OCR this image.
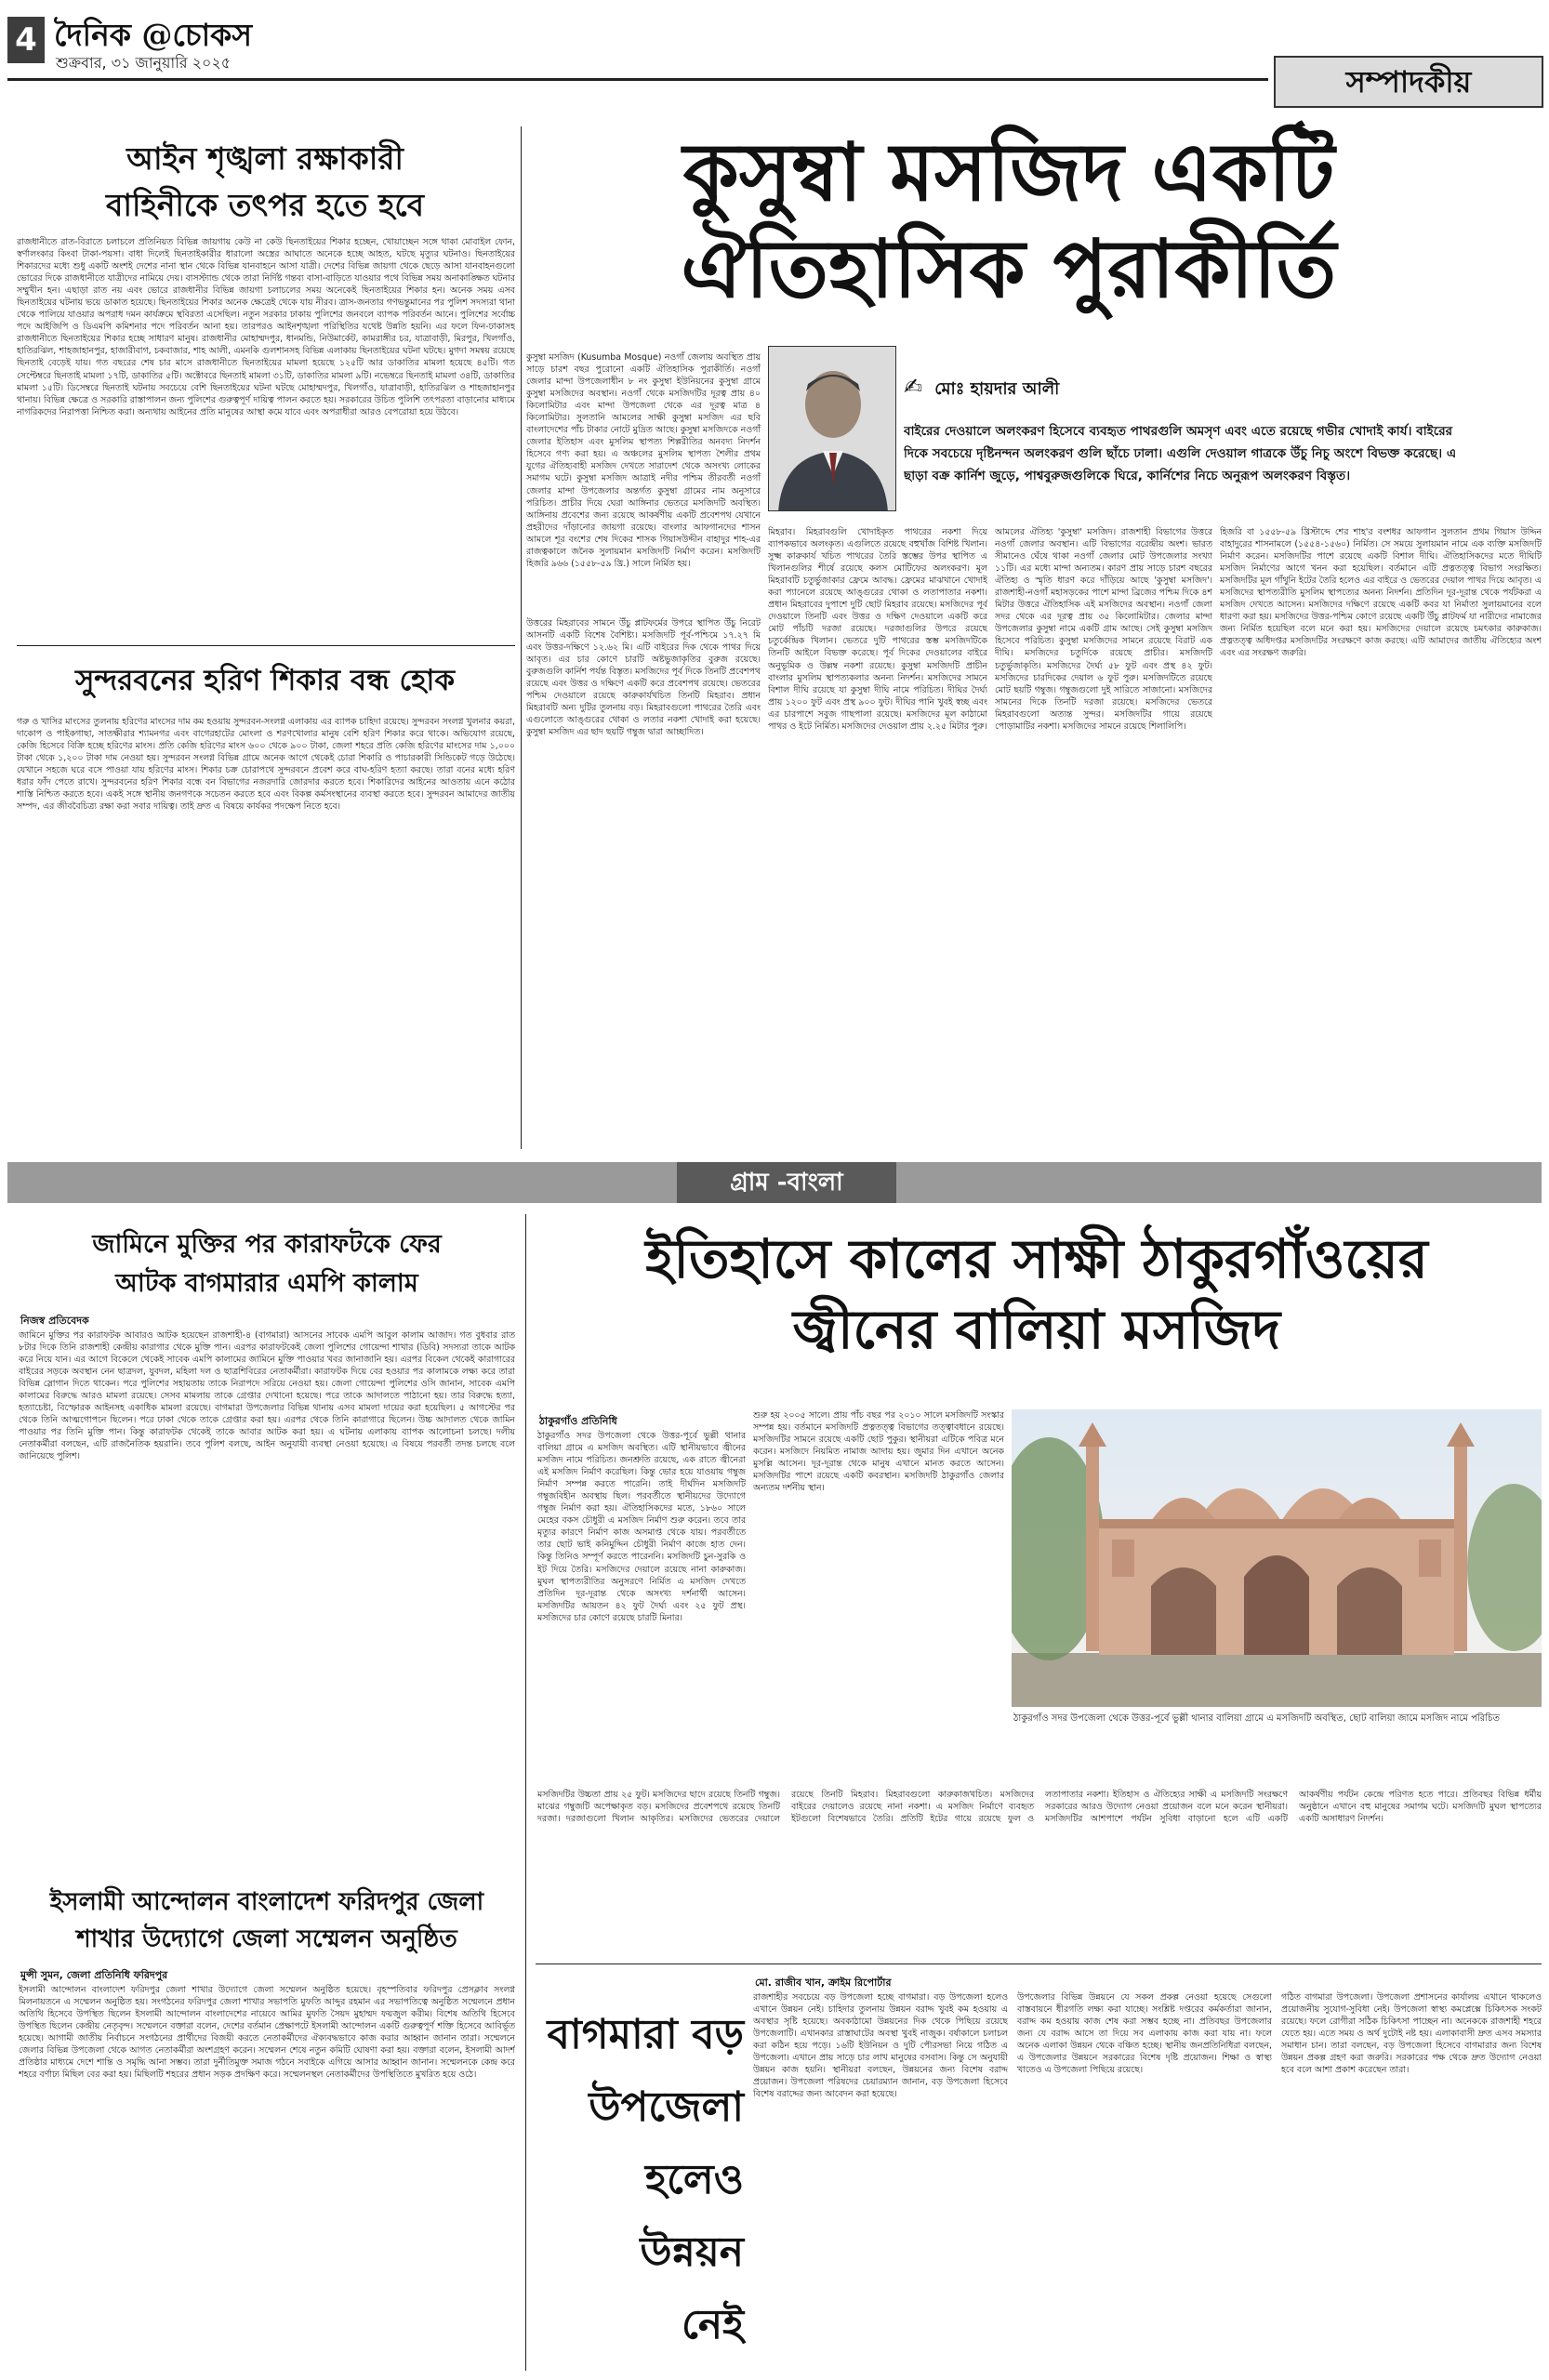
4 দৈনিক @চোকস
শুক্রবার, ৩১ জানুয়ারি ২০২৫
সম্পাদকীয়
আইন শৃঙ্খলা রক্ষাকারী
বাহিনীকে তৎপর হতে হবে
রাজধানীতে রাত-বিরাতে চলাচলে প্রতিনিয়ত বিভিন্ন জায়গায় কেউ না কেউ ছিনতাইয়ের শিকার হচ্ছেন, খোয়াচ্ছেন সঙ্গে থাকা মোবাইল ফোন, স্বর্ণালংকার কিংবা টাকা-পয়সা। বাধা দিলেই ছিনতাইকারীর ধারালো অস্ত্রের আঘাতে অনেকে হচ্ছে আহত, ঘটছে মৃত্যুর ঘটনাও। ছিনতাইয়ের শিকারদের মধ্যে শুধু একটি অংশই দেশের নানা স্থান থেকে বিভিন্ন যানবাহনে আসা যাত্রী। দেশের বিভিন্ন জায়গা থেকে ছেড়ে আসা যানবাহনগুলো ভোরের দিকে রাজধানীতে যাত্রীদের নামিয়ে দেয়। বাসস্ট্যান্ড থেকে তারা নির্দিষ্ট গন্তব্য বাসা-বাড়িতে যাওয়ার পথে বিভিন্ন সময় অনাকাঙ্ক্ষিত ঘটনার সম্মুখীন হন। এছাড়া রাত নয় এবং ভোরে রাজধানীর বিভিন্ন জায়গা চলাচলের সময় অনেকেই ছিনতাইয়ের শিকার হন। অনেক সময় এসব ছিনতাইয়ের ঘটনায় ভয়ে ডাকাত হয়েছে। ছিনতাইয়ের শিকার অনেক ক্ষেত্রেই থেকে যায় নীরব। ত্রাস-জনতার গণভন্তুমানের পর পুলিশ সদস্যরা থানা থেকে পালিয়ে যাওয়ার অপরাধ দমন কার্যক্রমে স্থবিরতা এসেছিল। নতুন সরকার ঢাকায় পুলিশের জনবলে ব্যাপক পরিবর্তন আনে। পুলিশের সর্বোচ্চ পদে আইজিপি ও ডিএমপি কমিশনার পদে পরিবর্তন আনা হয়। তারপরও আইনশৃঙ্খলা পরিস্থিতির যথেষ্ট উন্নতি হয়নি। এর ফলে ফিন-ঢাকাসহ রাজধানীতে ছিনতাইয়ের শিকার হচ্ছে সাধারণ মানুষ। রাজধানীর মোহাম্মদপুর, ধানমন্ডি, নিউমার্কেট, কামরাঙ্গীর চর, যাত্রাবাড়ী, মিরপুর, খিলগাঁও, হাতিরঝিল, শাহজাহানপুর, হাজারীবাগ, চকবাজার, শাহ আলী, এমনকি গুলশানসহ বিভিন্ন এলাকায় ছিনতাইয়ের ঘটনা ঘটছে। মুগদা সমন্বয় রয়েছে ছিনতাই বেড়েই যায়। গত বছরের শেষ চার মাসে রাজধানীতে ছিনতাইয়ের মামলা হয়েছে ১২৫টি আর ডাকাতির মামলা হয়েছে ৪৫টি। গত সেপ্টেম্বরে ছিনতাই মামলা ১৭টি, ডাকাতির ৫টি। অক্টোবরে ছিনতাই মামলা ৩১টি, ডাকাতির মামলা ৯টি। নভেম্বরে ছিনতাই মামলা ৩৪টি, ডাকাতির মামলা ১৫টি। ডিসেম্বরে ছিনতাই ঘটনায় সবচেয়ে বেশি ছিনতাইয়ের ঘটনা ঘটছে মোহাম্মদপুর, খিলগাঁও, যাত্রাবাড়ী, হাতিরঝিল ও শাহজাহানপুর থানায়। বিভিন্ন ক্ষেত্রে ও সরকারি রাস্তাপালন জন্য পুলিশের গুরুত্বপূর্ণ দায়িত্ব পালন করতে হয়। সরকারের উচিত পুলিশি তৎপরতা বাড়ানোর মাধ্যমে নাগরিকদের নিরাপত্তা নিশ্চিত করা। অন্যথায় আইনের প্রতি মানুষের আস্থা কমে যাবে এবং অপরাধীরা আরও বেপরোয়া হয়ে উঠবে।
সুন্দরবনের হরিণ শিকার বন্ধ হোক
গরু ও খাসির মাংসের তুলনায় হরিণের মাংসের দাম কম হওয়ায় সুন্দরবন-সংলগ্ন এলাকায় এর ব্যাপক চাহিদা রয়েছে। সুন্দরবন সংলগ্ন খুলনার কয়রা, দাকোপ ও পাইকগাছা, সাতক্ষীরার শ্যামনগর এবং বাগেরহাটের মোংলা ও শরণখোলার মানুষ বেশি হরিণ শিকার করে থাকে। অভিযোগ রয়েছে, কেজি হিসেবে বিক্রি হচ্ছে হরিণের মাংস। প্রতি কেজি হরিণের মাংস ৬০০ থেকে ৯০০ টাকা, জেলা শহরে প্রতি কেজি হরিণের মাংসের দাম ১,০০০ টাকা থেকে ১,২০০ টাকা দাম নেওয়া হয়। সুন্দরবন সংলগ্ন বিভিন্ন গ্রামে অনেক আগে থেকেই চোরা শিকারি ও পাচারকারী সিন্ডিকেট গড়ে উঠেছে। যেখানে সহজে ঘরে বসে পাওয়া যায় হরিণের মাংস। শিকার চক্র চোরাপথে সুন্দরবনে প্রবেশ করে বাঘ-হরিণ হত্যা করছে। তারা বনের মধ্যে হরিণ ধরার ফাঁদ পেতে রাখে। সুন্দরবনের হরিণ শিকার বন্ধে বন বিভাগের নজরদারি জোরদার করতে হবে। শিকারিদের আইনের আওতায় এনে কঠোর শাস্তি নিশ্চিত করতে হবে। একই সঙ্গে স্থানীয় জনগণকে সচেতন করতে হবে এবং বিকল্প কর্মসংস্থানের ব্যবস্থা করতে হবে। সুন্দরবন আমাদের জাতীয় সম্পদ, এর জীববৈচিত্র্য রক্ষা করা সবার দায়িত্ব। তাই দ্রুত এ বিষয়ে কার্যকর পদক্ষেপ নিতে হবে।
কুসুম্বা মসজিদ একটি
ঐতিহাসিক পুরাকীর্তি
কুসুম্বা মসজিদ (Kusumba Mosque) নওগাঁ জেলায় অবস্থিত প্রায় সাড়ে চারশ বছর পুরোনো একটি ঐতিহাসিক পুরাকীর্তি। নওগাঁ জেলার মান্দা উপজেলাধীন ৮ নং কুসুম্বা ইউনিয়নের কুসুম্বা গ্রামে কুসুম্বা মসজিদের অবস্থান। নওগাঁ থেকে মসজিদটির দূরত্ব প্রায় ৪০ কিলোমিটার এবং মান্দা উপজেলা থেকে এর দূরত্ব মাত্র ৪ কিলোমিটার। সুলতানি আমলের সাক্ষী কুসুম্বা মসজিদ এর ছবি বাংলাদেশের পাঁচ টাকার নোটে মুদ্রিত আছে। কুসুম্বা মসজিদকে নওগাঁ জেলার ইতিহাস এবং মুসলিম স্থাপত্য শিল্পরীতির অনবদ্য নিদর্শন হিসেবে গণ্য করা হয়। এ অঞ্চলের মুসলিম স্থাপত্য শৈলীর প্রথম যুগের ঐতিহ্যবাহী মসজিদ দেখতে সারাদেশ থেকে অসংখ্য লোকের সমাগম ঘটে। কুসুম্বা মসজিদ আত্রাই নদীর পশ্চিম তীরবর্তী নওগাঁ জেলার মান্দা উপজেলার অন্তর্গত কুসুম্বা গ্রামের নাম অনুসারে পরিচিত। প্রাচীর দিয়ে ঘেরা আঙ্গিনার ভেতরে মসজিদটি অবস্থিত। আঙ্গিনায় প্রবেশের জন্য রয়েছে আকর্ষণীয় একটি প্রবেশপথ যেখানে প্রহরীদের দাঁড়ানোর জায়গা রয়েছে। বাংলার আফগানদের শাসন আমলে শূর বংশের শেষ দিকের শাসক গিয়াসউদ্দীন বাহাদুর শাহ-এর রাজত্বকালে জনৈক সুলায়মান মসজিদটি নির্মাণ করেন। মসজিদটি হিজরি ৯৬৬ (১৫৫৮-৫৯ খ্রি.) সালে নির্মিত হয়।
✍ মোঃ হায়দার আলী
বাইরের দেওয়ালে অলংকরণ হিসেবে ব্যবহৃত পাথরগুলি অমসৃণ এবং এতে রয়েছে গভীর খোদাই কার্য। বাইরের দিকে সবচেয়ে দৃষ্টিনন্দন অলংকরণ গুলি ছাঁচে ঢালা। এগুলি দেওয়াল গাত্রকে উঁচু নিচু অংশে বিভক্ত করেছে। এ ছাড়া বক্র কার্নিশ জুড়ে, পাশ্ববুরুজগুলিকে ঘিরে, কার্নিশের নিচে অনুরূপ অলংকরণ বিস্তৃত।
উত্তরের মিহরাবের সামনে উঁচু প্লাটফর্মের উপরে স্থাপিত উঁচু নিরেট আসনটি একটি বিশেষ বৈশিষ্ট্য। মসজিদটি পূর্ব-পশ্চিমে ১৭.২৭ মি এবং উত্তর-দক্ষিণে ১২.৬২ মি। এটি বাইরের দিক থেকে পাথর দিয়ে আবৃত। এর চার কোণে চারটি অষ্টভুজাকৃতির বুরুজ রয়েছে। বুরুজগুলি কার্নিশ পর্যন্ত বিস্তৃত। মসজিদের পূর্ব দিকে তিনটি প্রবেশপথ রয়েছে এবং উত্তর ও দক্ষিণে একটি করে প্রবেশপথ রয়েছে। ভেতরের পশ্চিম দেওয়ালে রয়েছে কারুকার্যখচিত তিনটি মিহরাব। প্রধান মিহরাবটি অন্য দুটির তুলনায় বড়। মিহরাবগুলো পাথরের তৈরি এবং এগুলোতে আঙ্গুরের থোকা ও লতার নকশা খোদাই করা হয়েছে। কুসুম্বা মসজিদ এর ছাদ ছয়টি গম্বুজ দ্বারা আচ্ছাদিত।
মিহরাব। মিহরাবগুলি খোদাইকৃত পাথরের নকশা দিয়ে ব্যাপকভাবে অলংকৃত। এগুলিতে রয়েছে বহুখাঁজ বিশিষ্ট খিলান। সুক্ষ্ম কারুকার্য খচিত পাথরের তৈরি স্তম্ভের উপর স্থাপিত এ খিলানগুলির শীর্ষে রয়েছে কলস মোটিফের অলংকরণ। মূল মিহরাবটি চতুর্ভুজাকার ফ্রেমে আবদ্ধ। ফ্রেমের মাঝখানে খোদাই করা প্যানেলে রয়েছে আঙ্গুরের থোকা ও লতাপাতার নকশা। প্রধান মিহরাবের দুপাশে দুটি ছোট মিহরাব রয়েছে। মসজিদের পূর্ব দেওয়ালে তিনটি এবং উত্তর ও দক্ষিণ দেওয়ালে একটি করে মোট পাঁচটি দরজা রয়েছে। দরজাগুলির উপরে রয়েছে চতুর্কেন্দ্রিক খিলান। ভেতরে দুটি পাথরের স্তম্ভ মসজিদটিকে তিনটি আইলে বিভক্ত করেছে। পূর্ব দিকের দেওয়ালের বাইরে অনুভূমিক ও উল্লম্ব নকশা রয়েছে। কুসুম্বা মসজিদটি প্রাচীন বাংলার মুসলিম স্থাপত্যকলার অনন্য নিদর্শন। মসজিদের সামনে বিশাল দীঘি রয়েছে যা কুসুম্বা দীঘি নামে পরিচিত। দীঘির দৈর্ঘ্য প্রায় ১২০০ ফুট এবং প্রস্থ ৯০০ ফুট। দীঘির পানি খুবই স্বচ্ছ এবং এর চারপাশে সবুজ গাছপালা রয়েছে। মসজিদের মূল কাঠামো পাথর ও ইটে নির্মিত। মসজিদের দেওয়াল প্রায় ২.২৫ মিটার পুরু।
আমলের ঐতিহ্য 'কুসুম্বা' মসজিদ। রাজশাহী বিভাগের উত্তরে নওগাঁ জেলার অবস্থান। এটি বিভাগের বরেন্দ্রীয় অংশ। ভারত সীমানেও ঘেঁষে থাকা নওগাঁ জেলার মোট উপজেলার সংখ্যা ১১টি। এর মধ্যে মান্দা অন্যতম। কারণ প্রায় সাড়ে চারশ বছরের ঐতিহ্য ও স্মৃতি ধারণ করে দাঁড়িয়ে আছে 'কুসুম্বা মসজিদ'। রাজশাহী-নওগাঁ মহাসড়কের পাশে মান্দা ব্রিজের পশ্চিম দিকে ৪শ মিটার উত্তরে ঐতিহাসিক এই মসজিদের অবস্থান। নওগাঁ জেলা সদর থেকে এর দূরত্ব প্রায় ৩৫ কিলোমিটার। জেলার মান্দা উপজেলার কুসুম্বা নামে একটি গ্রাম আছে। সেই কুসুম্বা মসজিদ হিসেবে পরিচিত। কুসুম্বা মসজিদের সামনে রয়েছে বিরাট এক দীঘি। মসজিদের চতুর্দিকে রয়েছে প্রাচীর। মসজিদটি চতুর্ভুজাকৃতি। মসজিদের দৈর্ঘ্য ৫৮ ফুট এবং প্রস্থ ৪২ ফুট। মসজিদের চারদিকের দেয়াল ৬ ফুট পুরু। মসজিদটিতে রয়েছে মোট ছয়টি গম্বুজ। গম্বুজগুলো দুই সারিতে সাজানো। মসজিদের সামনের দিকে তিনটি দরজা রয়েছে। মসজিদের ভেতরে মিহরাবগুলো অত্যন্ত সুন্দর। মসজিদটির গায়ে রয়েছে পোড়ামাটির নকশা। মসজিদের সামনে রয়েছে শিলালিপি।
হিজরি বা ১৫৫৮-৫৯ খ্রিস্টাব্দে শের শাহ'র বংশধর আফগান সুলতান প্রথম গিয়াস উদ্দিন বাহাদুরের শাসনামলে (১৫৫৪-১৫৬০) নির্মিত। সে সময়ে সুলায়মান নামে এক ব্যক্তি মসজিদটি নির্মাণ করেন। মসজিদটির পাশে রয়েছে একটি বিশাল দীঘি। ঐতিহাসিকদের মতে দীঘিটি মসজিদ নির্মাণের আগে খনন করা হয়েছিল। বর্তমানে এটি প্রত্নতত্ত্ব বিভাগ সংরক্ষিত। মসজিদটির মূল গাঁথুনি ইটের তৈরি হলেও এর বাইরে ও ভেতরের দেয়াল পাথর দিয়ে আবৃত। এ মসজিদের স্থাপত্যরীতি মুসলিম স্থাপত্যের অনন্য নিদর্শন। প্রতিদিন দূর-দূরান্ত থেকে পর্যটকরা এ মসজিদ দেখতে আসেন। মসজিদের দক্ষিণে রয়েছে একটি কবর যা নির্মাতা সুলায়মানের বলে ধারণা করা হয়। মসজিদের উত্তর-পশ্চিম কোণে রয়েছে একটি উঁচু প্লাটফর্ম যা নারীদের নামাজের জন্য নির্মিত হয়েছিল বলে মনে করা হয়। মসজিদের দেয়ালে রয়েছে চমৎকার কারুকাজ। প্রত্নতত্ত্ব অধিদপ্তর মসজিদটির সংরক্ষণে কাজ করছে। এটি আমাদের জাতীয় ঐতিহ্যের অংশ এবং এর সংরক্ষণ জরুরি।
গ্রাম -বাংলা
জামিনে মুক্তির পর কারাফটকে ফের
আটক বাগমারার এমপি কালাম
নিজস্ব প্রতিবেদক
জামিনে মুক্তির পর কারাফটক আবারও আটক হয়েছেন রাজশাহী-৪ (বাগমারা) আসনের সাবেক এমপি আবুল কালাম আজাদ। গত বুধবার রাত ৮টার দিকে তিনি রাজশাহী কেন্দ্রীয় কারাগার থেকে মুক্তি পান। এরপর কারাফটকেই জেলা পুলিশের গোয়েন্দা শাখার (ডিবি) সদস্যরা তাকে আটক করে নিয়ে যান। এর আগে বিকেলে থেকেই সাবেক এমপি কালামের জামিনে মুক্তি পাওয়ার খবর জানাজানি হয়। এরপর বিকেল থেকেই কারাগারের বাইরের সড়কে অবস্থান নেন ছাত্রদল, যুবদল, মহিলা দল ও ছাত্রশিবিরের নেতাকর্মীরা। কারাফটক দিয়ে বের হওয়ার পর কালামকে লক্ষ্য করে তারা বিভিন্ন স্লোগান দিতে থাকেন। পরে পুলিশের সহায়তায় তাকে নিরাপদে সরিয়ে নেওয়া হয়। জেলা গোয়েন্দা পুলিশের ওসি জানান, সাবেক এমপি কালামের বিরুদ্ধে আরও মামলা রয়েছে। সেসব মামলায় তাকে গ্রেপ্তার দেখানো হয়েছে। পরে তাকে আদালতে পাঠানো হয়। তার বিরুদ্ধে হত্যা, হত্যাচেষ্টা, বিস্ফোরক আইনসহ একাধিক মামলা রয়েছে। বাগমারা উপজেলার বিভিন্ন থানায় এসব মামলা দায়ের করা হয়েছিল। ৫ আগস্টের পর থেকে তিনি আত্মগোপনে ছিলেন। পরে ঢাকা থেকে তাকে গ্রেপ্তার করা হয়। এরপর থেকে তিনি কারাগারে ছিলেন। উচ্চ আদালত থেকে জামিন পাওয়ার পর তিনি মুক্তি পান। কিন্তু কারাফটক থেকেই তাকে আবার আটক করা হয়। এ ঘটনায় এলাকায় ব্যাপক আলোচনা চলছে। দলীয় নেতাকর্মীরা বলছেন, এটি রাজনৈতিক হয়রানি। তবে পুলিশ বলছে, আইন অনুযায়ী ব্যবস্থা নেওয়া হয়েছে। এ বিষয়ে পরবর্তী তদন্ত চলছে বলে জানিয়েছে পুলিশ।
ইসলামী আন্দোলন বাংলাদেশ ফরিদপুর জেলা
শাখার উদ্যোগে জেলা সম্মেলন অনুষ্ঠিত
মুন্সী সুমন, জেলা প্রতিনিধি ফরিদপুর
ইসলামী আন্দোলন বাংলাদেশ ফরিদপুর জেলা শাখার উদ্যোগে জেলা সম্মেলন অনুষ্ঠিত হয়েছে। বৃহস্পতিবার ফরিদপুর প্রেসক্লাব সংলগ্ন মিলনায়তনে এ সম্মেলন অনুষ্ঠিত হয়। সংগঠনের ফরিদপুর জেলা শাখার সভাপতি মুফতি আব্দুর রহমান এর সভাপতিত্বে অনুষ্ঠিত সম্মেলনে প্রধান অতিথি হিসেবে উপস্থিত ছিলেন ইসলামী আন্দোলন বাংলাদেশের নায়েবে আমির মুফতি সৈয়দ মুহাম্মদ ফয়জুল করীম। বিশেষ অতিথি হিসেবে উপস্থিত ছিলেন কেন্দ্রীয় নেতৃবৃন্দ। সম্মেলনে বক্তারা বলেন, দেশের বর্তমান প্রেক্ষাপটে ইসলামী আন্দোলন একটি গুরুত্বপূর্ণ শক্তি হিসেবে আবির্ভূত হয়েছে। আগামী জাতীয় নির্বাচনে সংগঠনের প্রার্থীদের বিজয়ী করতে নেতাকর্মীদের ঐক্যবদ্ধভাবে কাজ করার আহ্বান জানান তারা। সম্মেলনে জেলার বিভিন্ন উপজেলা থেকে আগত নেতাকর্মীরা অংশগ্রহণ করেন। সম্মেলন শেষে নতুন কমিটি ঘোষণা করা হয়। বক্তারা বলেন, ইসলামী আদর্শ প্রতিষ্ঠার মাধ্যমে দেশে শান্তি ও সমৃদ্ধি আনা সম্ভব। তারা দুর্নীতিমুক্ত সমাজ গঠনে সবাইকে এগিয়ে আসার আহ্বান জানান। সম্মেলনকে কেন্দ্র করে শহরে বর্ণাঢ্য মিছিল বের করা হয়। মিছিলটি শহরের প্রধান সড়ক প্রদক্ষিণ করে। সম্মেলনস্থল নেতাকর্মীদের উপস্থিতিতে মুখরিত হয়ে ওঠে।
ইতিহাসে কালের সাক্ষী ঠাকুরগাঁওয়ের
জ্বীনের বালিয়া মসজিদ
ঠাকুরগাঁও প্রতিনিধি
ঠাকুরগাঁও সদর উপজেলা থেকে উত্তর-পূর্বে ভুল্লী থানার বালিয়া গ্রামে এ মসজিদ অবস্থিত। এটি স্থানীয়ভাবে জ্বীনের মসজিদ নামে পরিচিত। জনশ্রুতি রয়েছে, এক রাতে জ্বীনেরা এই মসজিদ নির্মাণ করেছিল। কিন্তু ভোর হয়ে যাওয়ায় গম্বুজ নির্মাণ সম্পন্ন করতে পারেনি। তাই দীর্ঘদিন মসজিদটি গম্বুজবিহীন অবস্থায় ছিল। পরবর্তীতে স্থানীয়দের উদ্যোগে গম্বুজ নির্মাণ করা হয়। ঐতিহাসিকদের মতে, ১৮৬০ সালে মেহের বকস চৌধুরী এ মসজিদ নির্মাণ শুরু করেন। তবে তার মৃত্যুর কারণে নির্মাণ কাজ অসমাপ্ত থেকে যায়। পরবর্তীতে তার ছোট ভাই কনিমুদ্দিন চৌধুরী নির্মাণ কাজে হাত দেন। কিন্তু তিনিও সম্পূর্ণ করতে পারেননি। মসজিদটি চুন-সুরকি ও ইট দিয়ে তৈরি। মসজিদের দেয়ালে রয়েছে নানা কারুকাজ। মুঘল স্থাপত্যরীতির অনুসরণে নির্মিত এ মসজিদ দেখতে প্রতিদিন দূর-দূরান্ত থেকে অসংখ্য দর্শনার্থী আসেন। মসজিদটির আয়তন ৪২ ফুট দৈর্ঘ্য এবং ২৫ ফুট প্রস্থ। মসজিদের চার কোণে রয়েছে চারটি মিনার।
শুরু হয় ২০০৫ সালে। প্রায় পাঁচ বছর পর ২০১০ সালে মসজিদটি সংস্কার সম্পন্ন হয়। বর্তমানে মসজিদটি প্রত্নতত্ত্ব বিভাগের তত্ত্বাবধানে রয়েছে। মসজিদটির সামনে রয়েছে একটি ছোট পুকুর। স্থানীয়রা এটিকে পবিত্র মনে করেন। মসজিদে নিয়মিত নামাজ আদায় হয়। জুমার দিন এখানে অনেক মুসল্লি আসেন। দূর-দূরান্ত থেকে মানুষ এখানে মানত করতে আসেন। মসজিদটির পাশে রয়েছে একটি কবরস্থান। মসজিদটি ঠাকুরগাঁও জেলার অন্যতম দর্শনীয় স্থান।
ঠাকুরগাঁও সদর উপজেলা থেকে উত্তর-পূর্বে ভুল্লী থানার বালিয়া গ্রামে এ মসজিদটি অবস্থিত, ছোট বালিয়া জামে মসজিদ নামে পরিচিত
মসজিদটির উচ্চতা প্রায় ২৫ ফুট। মসজিদের ছাদে রয়েছে তিনটি গম্বুজ। মাঝের গম্বুজটি অপেক্ষাকৃত বড়। মসজিদের প্রবেশপথে রয়েছে তিনটি দরজা। দরজাগুলো খিলান আকৃতির। মসজিদের ভেতরের দেয়ালে রয়েছে তিনটি মিহরাব। মিহরাবগুলো কারুকাজখচিত। মসজিদের বাইরের দেয়ালেও রয়েছে নানা নকশা। এ মসজিদ নির্মাণে ব্যবহৃত ইটগুলো বিশেষভাবে তৈরি। প্রতিটি ইটের গায়ে রয়েছে ফুল ও লতাপাতার নকশা। ইতিহাস ও ঐতিহ্যের সাক্ষী এ মসজিদটি সংরক্ষণে সরকারের আরও উদ্যোগ নেওয়া প্রয়োজন বলে মনে করেন স্থানীয়রা। মসজিদটির আশপাশে পর্যটন সুবিধা বাড়ানো হলে এটি একটি আকর্ষণীয় পর্যটন কেন্দ্রে পরিণত হতে পারে। প্রতিবছর বিভিন্ন ধর্মীয় অনুষ্ঠানে এখানে বহু মানুষের সমাগম ঘটে। মসজিদটি মুঘল স্থাপত্যের একটি অসাধারণ নিদর্শন।
মো. রাজীব খান, ক্রাইম রিপোর্টার
বাগমারা বড়
উপজেলা
হলেও উন্নয়ন
নেই
রাজশাহীর সবচেয়ে বড় উপজেলা হচ্ছে বাগমারা। বড় উপজেলা হলেও এখানে উন্নয়ন নেই। চাহিদার তুলনায় উন্নয়ন বরাদ্দ খুবই কম হওয়ায় এ অবস্থার সৃষ্টি হয়েছে। অবকাঠামো উন্নয়নের দিক থেকে পিছিয়ে রয়েছে উপজেলাটি। এখানকার রাস্তাঘাটের অবস্থা খুবই নাজুক। বর্ষাকালে চলাচল করা কঠিন হয়ে পড়ে। ১৬টি ইউনিয়ন ও দুটি পৌরসভা নিয়ে গঠিত এ উপজেলা। এখানে প্রায় সাড়ে চার লাখ মানুষের বসবাস। কিন্তু সে অনুযায়ী উন্নয়ন কাজ হয়নি। স্থানীয়রা বলছেন, উন্নয়নের জন্য বিশেষ বরাদ্দ প্রয়োজন। উপজেলা পরিষদের চেয়ারম্যান জানান, বড় উপজেলা হিসেবে বিশেষ বরাদ্দের জন্য আবেদন করা হয়েছে।
উপজেলার বিভিন্ন উন্নয়নে যে সকল প্রকল্প নেওয়া হয়েছে সেগুলো বাস্তবায়নে ধীরগতি লক্ষ্য করা যাচ্ছে। সংশ্লিষ্ট দপ্তরের কর্মকর্তারা জানান, বরাদ্দ কম হওয়ায় কাজ শেষ করা সম্ভব হচ্ছে না। প্রতিবছর উপজেলার জন্য যে বরাদ্দ আসে তা দিয়ে সব এলাকায় কাজ করা যায় না। ফলে অনেক এলাকা উন্নয়ন থেকে বঞ্চিত হচ্ছে। স্থানীয় জনপ্রতিনিধিরা বলছেন, এ উপজেলার উন্নয়নে সরকারের বিশেষ দৃষ্টি প্রয়োজন। শিক্ষা ও স্বাস্থ্য খাতেও এ উপজেলা পিছিয়ে রয়েছে।
গঠিত বাগমারা উপজেলা। উপজেলা প্রশাসনের কার্যালয় এখানে থাকলেও প্রয়োজনীয় সুযোগ-সুবিধা নেই। উপজেলা স্বাস্থ্য কমপ্লেক্সে চিকিৎসক সংকট রয়েছে। ফলে রোগীরা সঠিক চিকিৎসা পাচ্ছেন না। অনেককে রাজশাহী শহরে যেতে হয়। এতে সময় ও অর্থ দুটোই নষ্ট হয়। এলাকাবাসী দ্রুত এসব সমস্যার সমাধান চান। তারা বলছেন, বড় উপজেলা হিসেবে বাগমারার জন্য বিশেষ উন্নয়ন প্রকল্প গ্রহণ করা জরুরি। সরকারের পক্ষ থেকে দ্রুত উদ্যোগ নেওয়া হবে বলে আশা প্রকাশ করেছেন তারা।
